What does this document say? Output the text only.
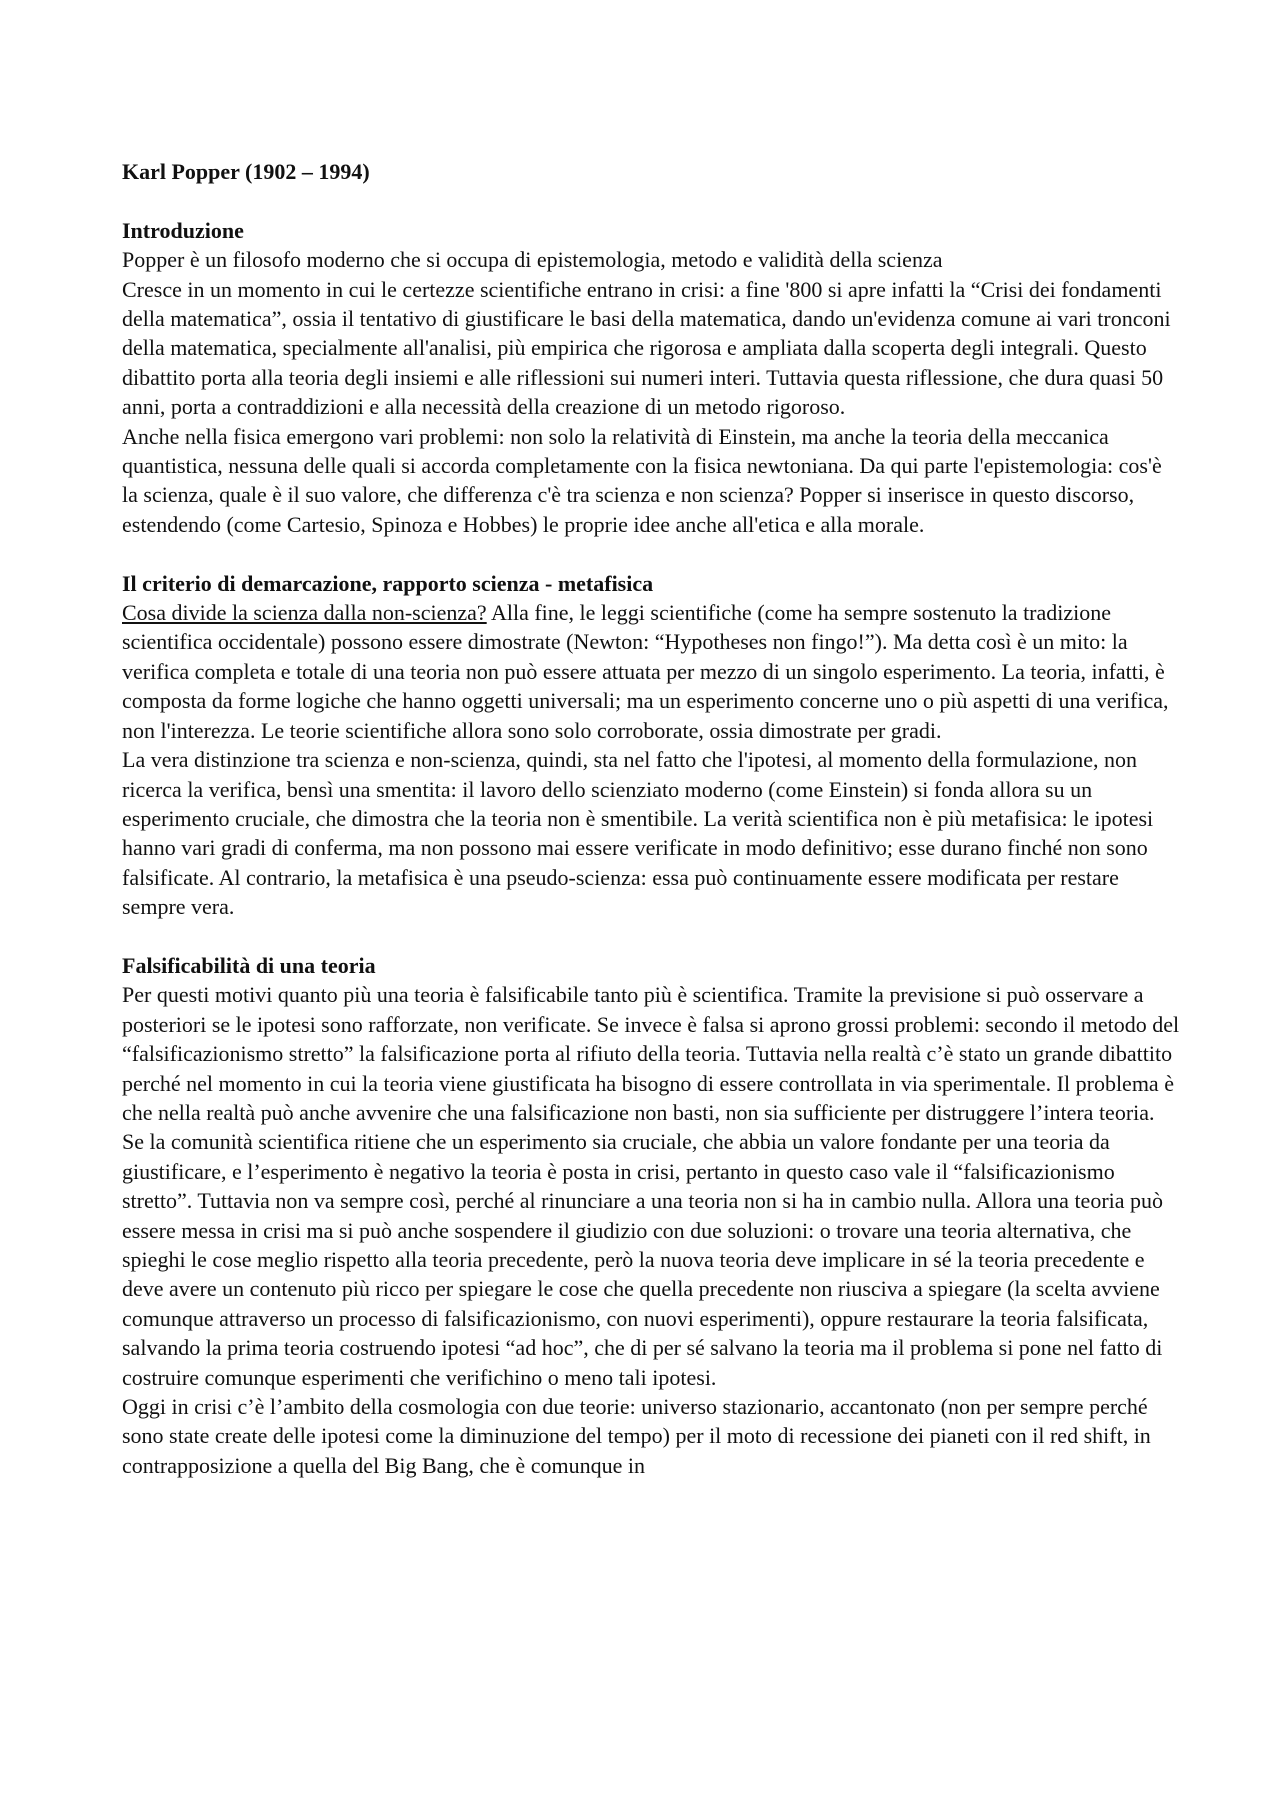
Karl Popper (1902 – 1994)

Introduzione

Popper è un filosofo moderno che si occupa di epistemologia, metodo e validità della scienza

Cresce in un momento in cui le certezze scientifiche entrano in crisi: a fine '800 si apre infatti la “Crisi dei fondamenti della matematica”, ossia il tentativo di giustificare le basi della matematica, dando un'evidenza comune ai vari tronconi della matematica, specialmente all'analisi, più empirica che rigorosa e ampliata dalla scoperta degli integrali. Questo dibattito porta alla teoria degli insiemi e alle riflessioni sui numeri interi. Tuttavia questa riflessione, che dura quasi 50 anni, porta a contraddizioni e alla necessità della creazione di un metodo rigoroso.

Anche nella fisica emergono vari problemi: non solo la relatività di Einstein, ma anche la teoria della meccanica quantistica, nessuna delle quali si accorda completamente con la fisica newtoniana. Da qui parte l'epistemologia: cos'è la scienza, quale è il suo valore, che differenza c'è tra scienza e non scienza? Popper si inserisce in questo discorso, estendendo (come Cartesio, Spinoza e Hobbes) le proprie idee anche all'etica e alla morale.

Il criterio di demarcazione, rapporto scienza - metafisica

Cosa divide la scienza dalla non-scienza? Alla fine, le leggi scientifiche (come ha sempre sostenuto la tradizione scientifica occidentale) possono essere dimostrate (Newton: “Hypotheses non fingo!”). Ma detta così è un mito: la verifica completa e totale di una teoria non può essere attuata per mezzo di un singolo esperimento. La teoria, infatti, è composta da forme logiche che hanno oggetti universali; ma un esperimento concerne uno o più aspetti di una verifica, non l'interezza. Le teorie scientifiche allora sono solo corroborate, ossia dimostrate per gradi.

La vera distinzione tra scienza e non-scienza, quindi, sta nel fatto che l'ipotesi, al momento della formulazione, non ricerca la verifica, bensì una smentita: il lavoro dello scienziato moderno (come Einstein) si fonda allora su un esperimento cruciale, che dimostra che la teoria non è smentibile. La verità scientifica non è più metafisica: le ipotesi hanno vari gradi di conferma, ma non possono mai essere verificate in modo definitivo; esse durano finché non sono falsificate. Al contrario, la metafisica è una pseudo-scienza: essa può continuamente essere modificata per restare sempre vera.

Falsificabilità di una teoria

Per questi motivi quanto più una teoria è falsificabile tanto più è scientifica. Tramite la previsione si può osservare a posteriori se le ipotesi sono rafforzate, non verificate. Se invece è falsa si aprono grossi problemi: secondo il metodo del “falsificazionismo stretto” la falsificazione porta al rifiuto della teoria. Tuttavia nella realtà c’è stato un grande dibattito perché nel momento in cui la teoria viene giustificata ha bisogno di essere controllata in via sperimentale. Il problema è che nella realtà può anche avvenire che una falsificazione non basti, non sia sufficiente per distruggere l’intera teoria. Se la comunità scientifica ritiene che un esperimento sia cruciale, che abbia un valore fondante per una teoria da giustificare, e l’esperimento è negativo la teoria è posta in crisi, pertanto in questo caso vale il “falsificazionismo stretto”. Tuttavia non va sempre così, perché al rinunciare a una teoria non si ha in cambio nulla. Allora una teoria può essere messa in crisi ma si può anche sospendere il giudizio con due soluzioni: o trovare una teoria alternativa, che spieghi le cose meglio rispetto alla teoria precedente, però la nuova teoria deve implicare in sé la teoria precedente e deve avere un contenuto più ricco per spiegare le cose che quella precedente non riusciva a spiegare (la scelta avviene comunque attraverso un processo di falsificazionismo, con nuovi esperimenti), oppure restaurare la teoria falsificata, salvando la prima teoria costruendo ipotesi “ad hoc”, che di per sé salvano la teoria ma il problema si pone nel fatto di costruire comunque esperimenti che verifichino o meno tali ipotesi.

Oggi in crisi c’è l’ambito della cosmologia con due teorie: universo stazionario, accantonato (non per sempre perché sono state create delle ipotesi come la diminuzione del tempo) per il moto di recessione dei pianeti con il red shift, in contrapposizione a quella del Big Bang, che è comunque in
